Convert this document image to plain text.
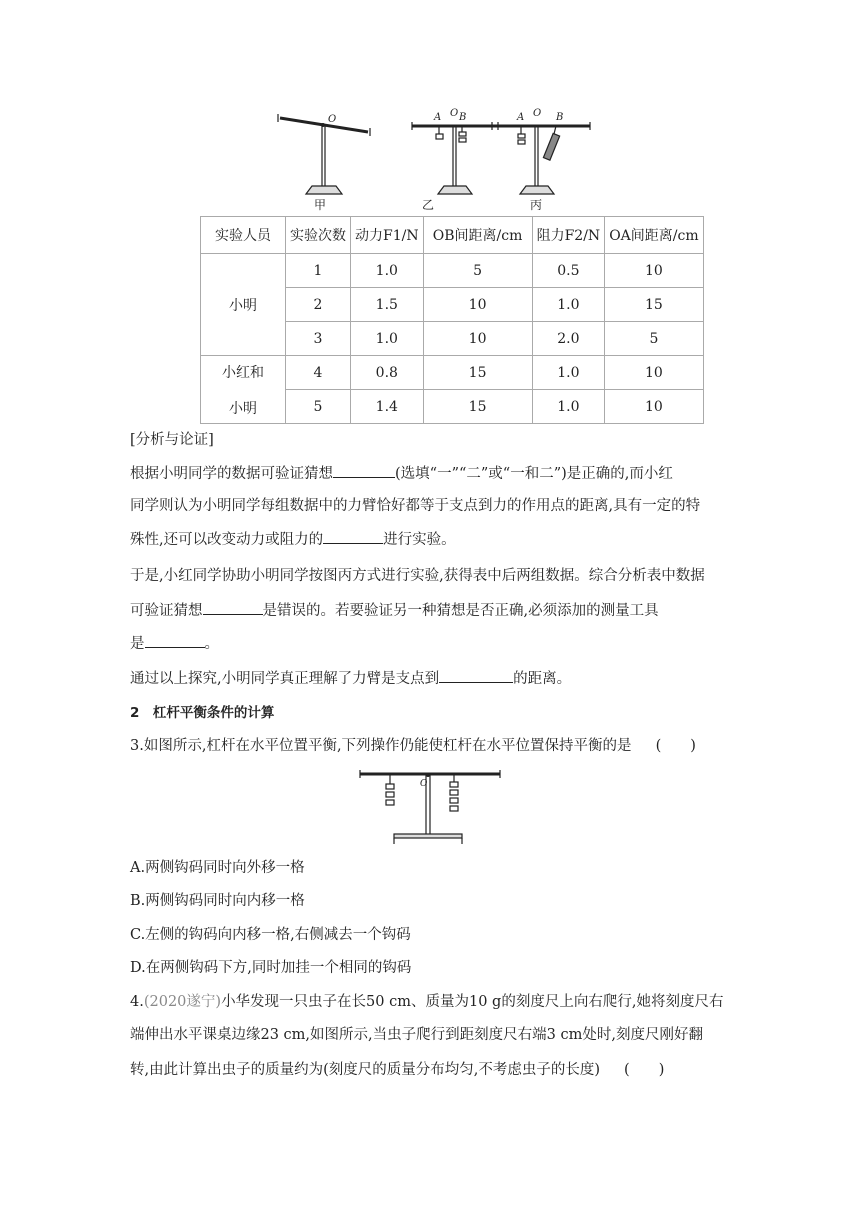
O	A O B	A O B
甲	乙	丙
实验人员	实验次数	动力F1/N	OB间距离/cm	阻力F2/N	OA间距离/cm
小明	1	1.0	5	0.5	10
	2	1.5	10	1.0	15
	3	1.0	10	2.0	5
小红和

小明	4	0.8	15	1.0	10
	5	1.4	15	1.0	10
[分析与论证]
根据小明同学的数据可验证猜想	(选填“一”“二”或“一和二”)是正确的,而小红
同学则认为小明同学每组数据中的力臂恰好都等于支点到力的作用点的距离,具有一定的特
殊性,还可以改变动力或阻力的	进行实验。
于是,小红同学协助小明同学按图丙方式进行实验,获得表中后两组数据。综合分析表中数据
可验证猜想	是错误的。若要验证另一种猜想是否正确,必须添加的测量工具
是	。
通过以上探究,小明同学真正理解了力臂是支点到	的距离。
2　杠杆平衡条件的计算
3.如图所示,杠杆在水平位置平衡,下列操作仍能使杠杆在水平位置保持平衡的是 (　　)
O
A.两侧钩码同时向外移一格
B.两侧钩码同时向内移一格
C.左侧的钩码向内移一格,右侧减去一个钩码
D.在两侧钩码下方,同时加挂一个相同的钩码
4.(2020遂宁)小华发现一只虫子在长50 cm、质量为10 g的刻度尺上向右爬行,她将刻度尺右
端伸出水平课桌边缘23 cm,如图所示,当虫子爬行到距刻度尺右端3 cm处时,刻度尺刚好翻
转,由此计算出虫子的质量约为(刻度尺的质量分布均匀,不考虑虫子的长度) (　　)
